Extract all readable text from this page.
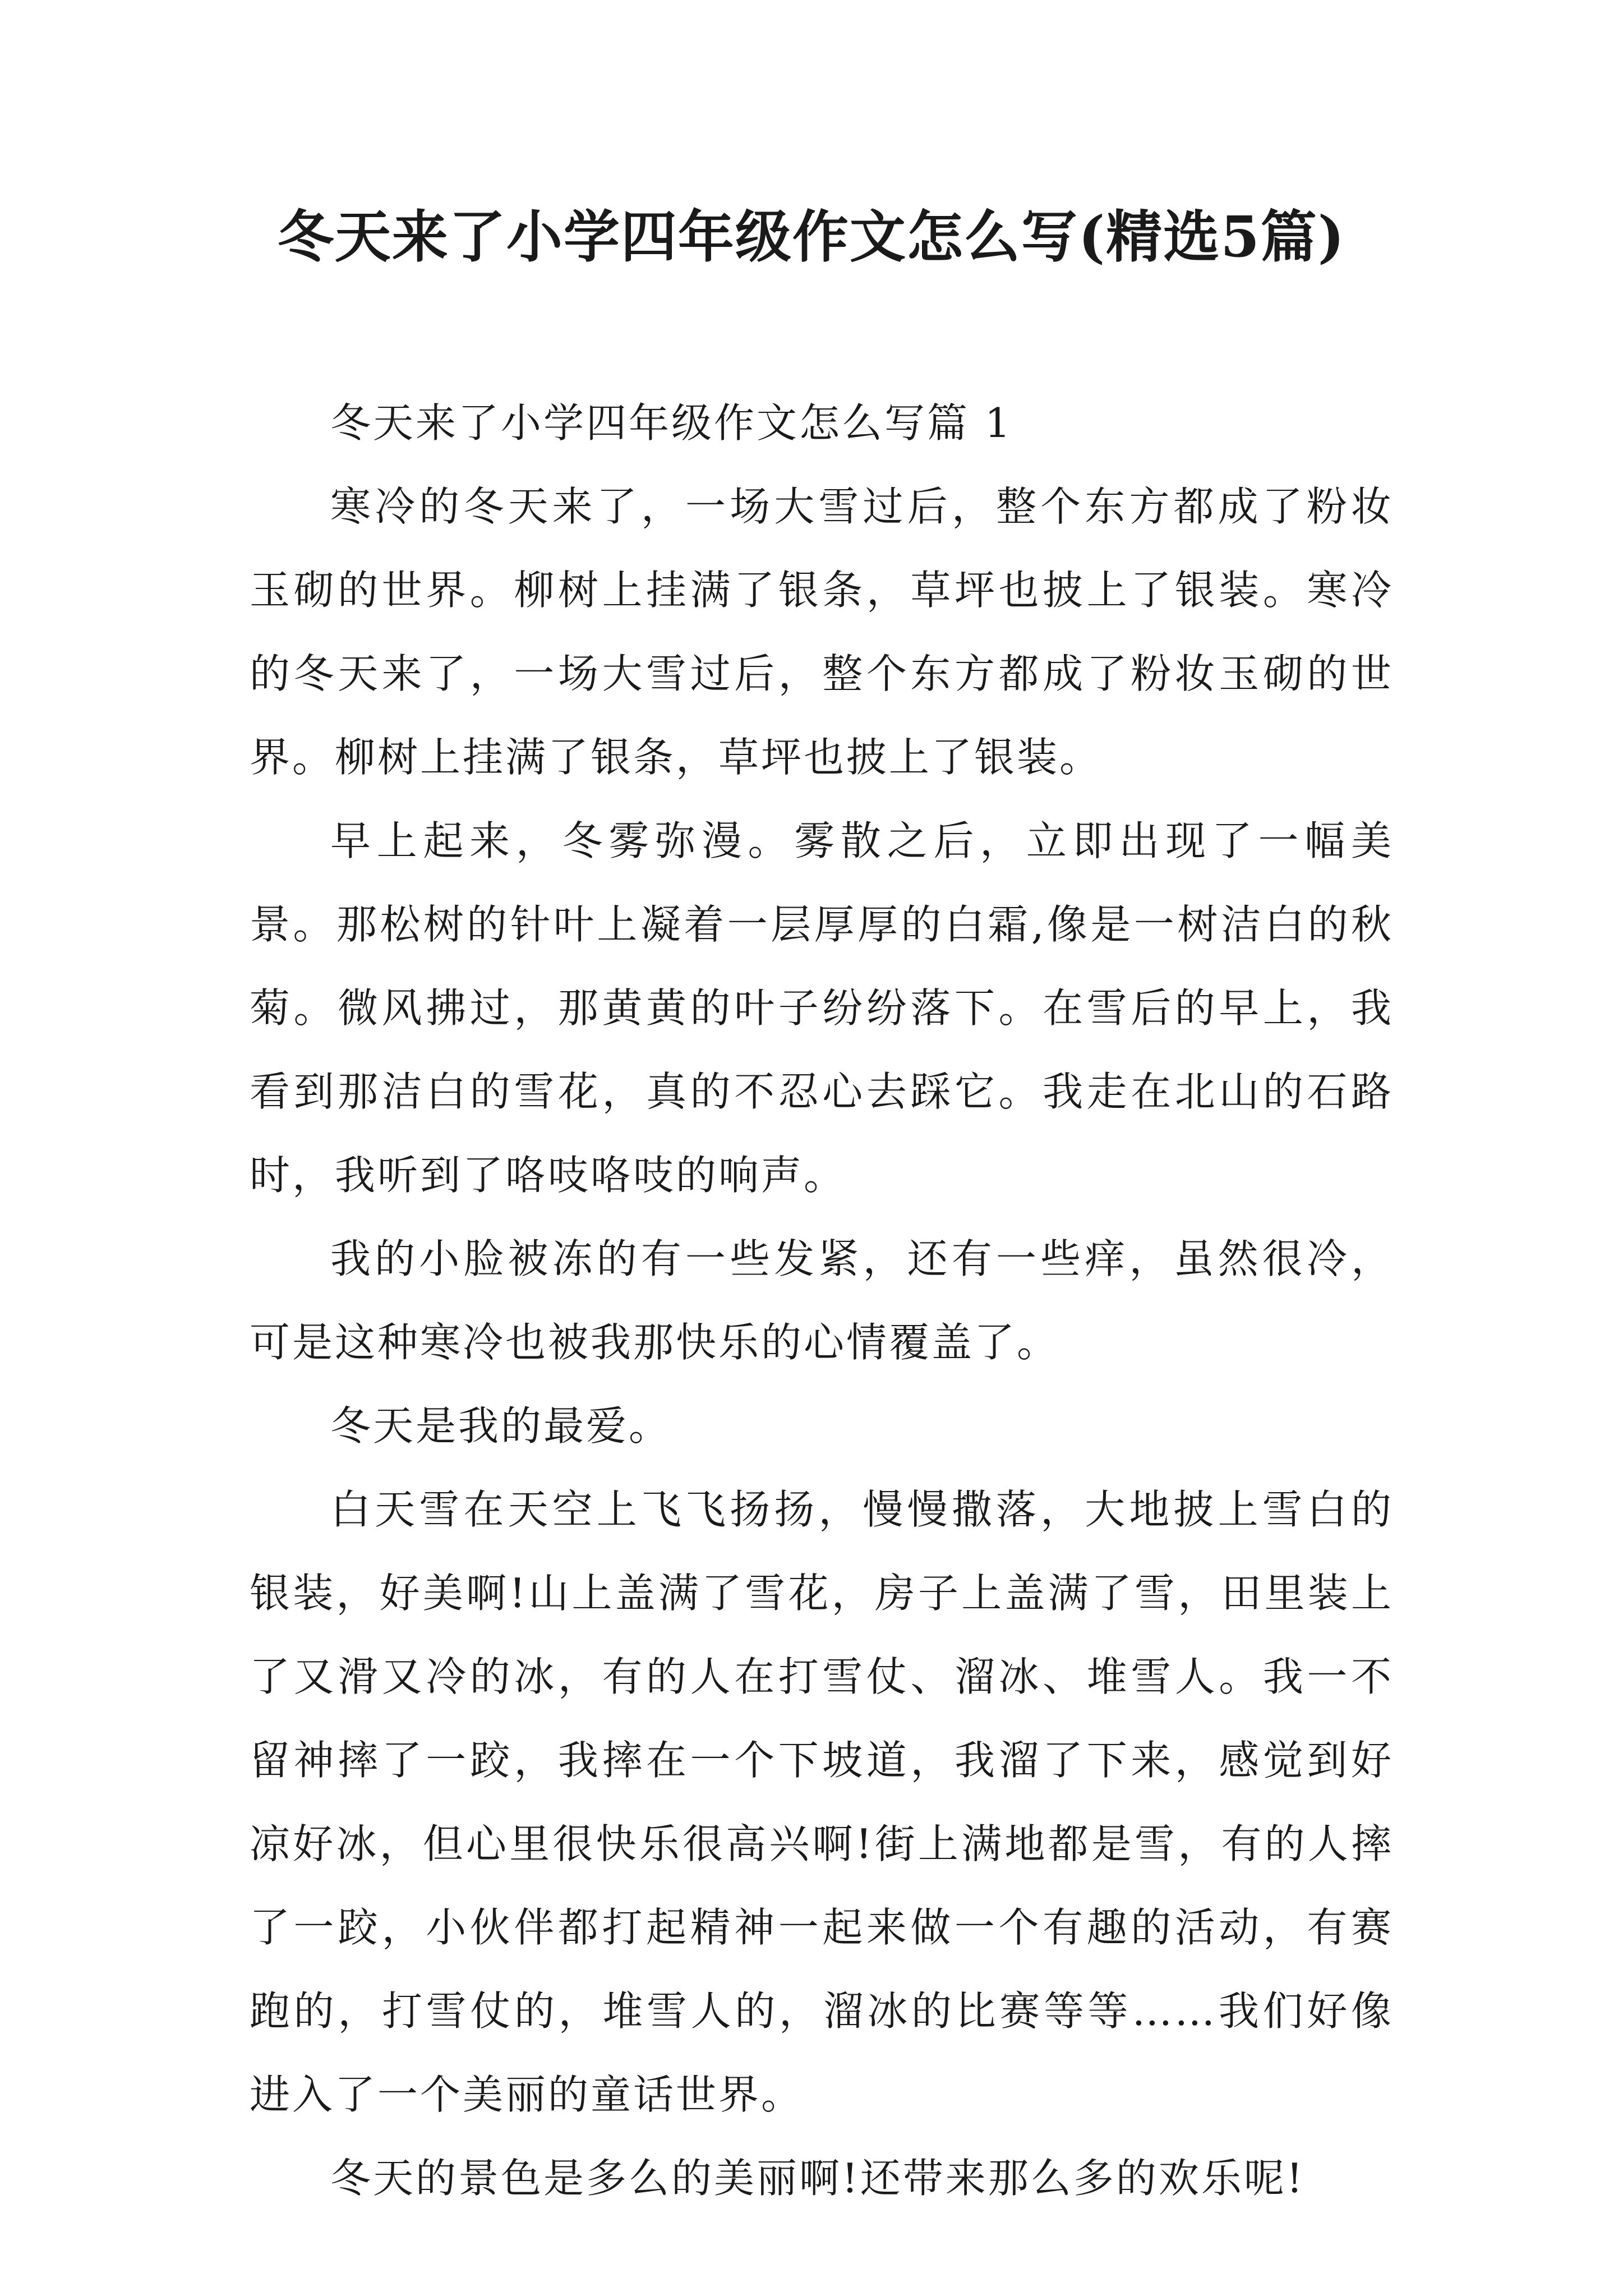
冬天来了小学四年级作文怎么写(精选5篇)

冬天来了小学四年级作文怎么写篇 1

寒冷的冬天来了，一场大雪过后，整个东方都成了粉妆玉砌的世界。柳树上挂满了银条，草坪也披上了银装。寒冷的冬天来了，一场大雪过后，整个东方都成了粉妆玉砌的世界。柳树上挂满了银条，草坪也披上了银装。

早上起来，冬雾弥漫。雾散之后，立即出现了一幅美景。那松树的针叶上凝着一层厚厚的白霜,像是一树洁白的秋菊。微风拂过，那黄黄的叶子纷纷落下。在雪后的早上，我看到那洁白的雪花，真的不忍心去踩它。我走在北山的石路时，我听到了咯吱咯吱的响声。

我的小脸被冻的有一些发紧，还有一些痒，虽然很冷，可是这种寒冷也被我那快乐的心情覆盖了。

冬天是我的最爱。

白天雪在天空上飞飞扬扬，慢慢撒落，大地披上雪白的银装，好美啊!山上盖满了雪花，房子上盖满了雪，田里装上了又滑又冷的冰，有的人在打雪仗、溜冰、堆雪人。我一不留神摔了一跤，我摔在一个下坡道，我溜了下来，感觉到好凉好冰，但心里很快乐很高兴啊!街上满地都是雪，有的人摔了一跤，小伙伴都打起精神一起来做一个有趣的活动，有赛跑的，打雪仗的，堆雪人的，溜冰的比赛等等……我们好像进入了一个美丽的童话世界。

冬天的景色是多么的美丽啊!还带来那么多的欢乐呢!
